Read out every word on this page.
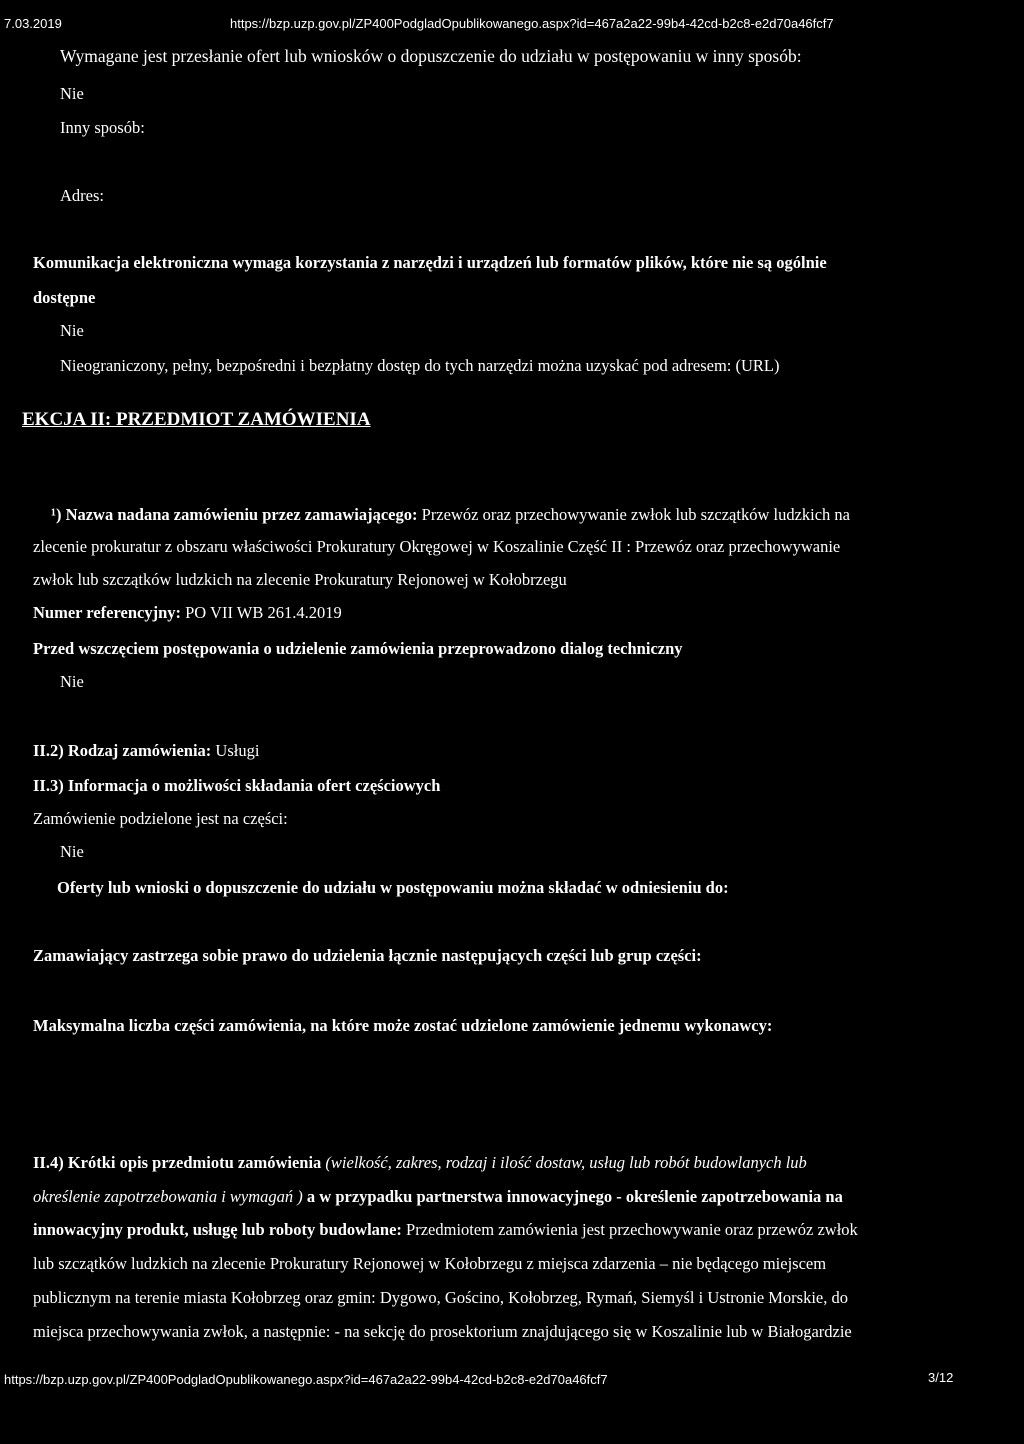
7.03.2019	https://bzp.uzp.gov.pl/ZP400PodgladOpublikowanego.aspx?id=467a2a22-99b4-42cd-b2c8-e2d70a46fcf7
Wymagane jest przesłanie ofert lub wniosków o dopuszczenie do udziału w postępowaniu w inny sposób:
Nie
Inny sposób:
Adres:
Komunikacja elektroniczna wymaga korzystania z narzędzi i urządzeń lub formatów plików, które nie są ogólnie
dostępne
Nie
Nieograniczony, pełny, bezpośredni i bezpłatny dostęp do tych narzędzi można uzyskać pod adresem: (URL)
EKCJA II: PRZEDMIOT ZAMÓWIENIA
¹) Nazwa nadana zamówieniu przez zamawiającego: Przewóz oraz przechowywanie zwłok lub szczątków ludzkich na
zlecenie prokuratur z obszaru właściwości Prokuratury Okręgowej w Koszalinie Część II : Przewóz oraz przechowywanie
zwłok lub szczątków ludzkich na zlecenie Prokuratury Rejonowej w Kołobrzegu
Numer referencyjny: PO VII WB 261.4.2019
Przed wszczęciem postępowania o udzielenie zamówienia przeprowadzono dialog techniczny
Nie
II.2) Rodzaj zamówienia: Usługi
II.3) Informacja o możliwości składania ofert częściowych
Zamówienie podzielone jest na części:
Nie
Oferty lub wnioski o dopuszczenie do udziału w postępowaniu można składać w odniesieniu do:
Zamawiający zastrzega sobie prawo do udzielenia łącznie następujących części lub grup części:
Maksymalna liczba części zamówienia, na które może zostać udzielone zamówienie jednemu wykonawcy:
II.4) Krótki opis przedmiotu zamówienia (wielkość, zakres, rodzaj i ilość dostaw, usług lub robót budowlanych lub
określenie zapotrzebowania i wymagań ) a w przypadku partnerstwa innowacyjnego - określenie zapotrzebowania na
innowacyjny produkt, usługę lub roboty budowlane: Przedmiotem zamówienia jest przechowywanie oraz przewóz zwłok
lub szczątków ludzkich na zlecenie Prokuratury Rejonowej w Kołobrzegu z miejsca zdarzenia – nie będącego miejscem
publicznym na terenie miasta Kołobrzeg oraz gmin: Dygowo, Gościno, Kołobrzeg, Rymań, Siemyśl i Ustronie Morskie, do
miejsca przechowywania zwłok, a następnie: - na sekcję do prosektorium znajdującego się w Koszalinie lub w Białogardzie
https://bzp.uzp.gov.pl/ZP400PodgladOpublikowanego.aspx?id=467a2a22-99b4-42cd-b2c8-e2d70a46fcf7	3/12
